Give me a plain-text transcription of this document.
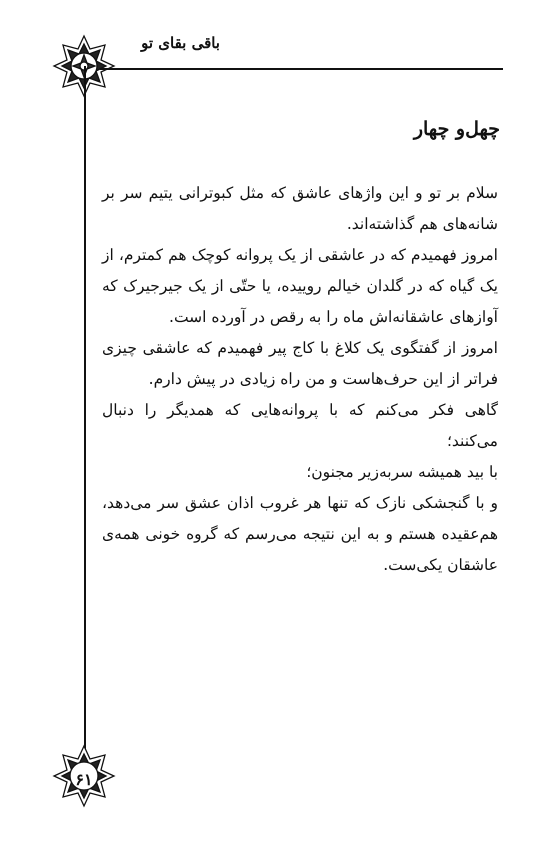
باقی بقای تو
چهل‌و چهار

سلام بر تو و این واژهای عاشق که مثل کبوترانی یتیم سر بر شانه‌های هم گذاشته‌اند.

امروز فهمیدم که در عاشقی از یک پروانه کوچک هم کمترم، از یک گیاه که در گلدان خیالم روییده، یا حتّی از یک جیرجیرک که آوازهای عاشقانه‌اش ماه را به رقص در آورده است.

امروز از گفتگوی یک کلاغ با کاج پیر فهمیدم که عاشقی چیزی فراتر از این حرف‌هاست و من راه زیادی در پیش دارم.

گاهی فکر می‌کنم که با پروانه‌هایی که همدیگر را دنبال می‌کنند؛

با بید همیشه سربه‌زیر مجنون؛

و با گنجشکی نازک که تنها هر غروب اذان عشق سر می‌دهد، هم‌عقیده هستم و به این نتیجه می‌رسم که گروه خونی همه‌ی عاشقان یکی‌ست.

۶۱
